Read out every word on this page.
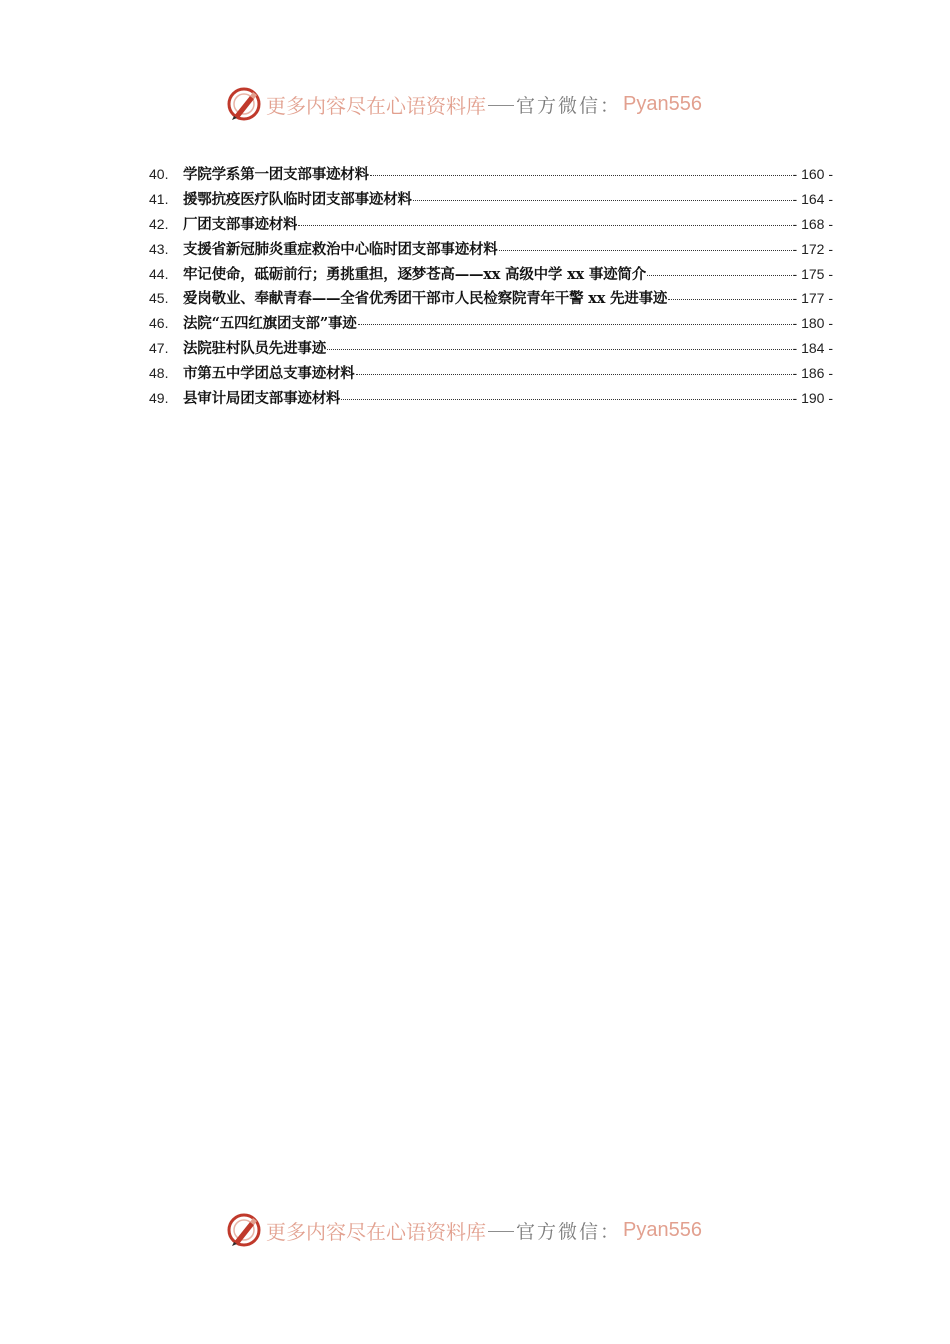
更多内容尽在心语资料库 官方微信： Pyan556
40.	学院学系第一团支部事迹材料	- 160 -
41.	援鄂抗疫医疗队临时团支部事迹材料	- 164 -
42.	厂团支部事迹材料	- 168 -
43.	支援省新冠肺炎重症救治中心临时团支部事迹材料	- 172 -
44.	牢记使命，砥砺前行；勇挑重担，逐梦苍高——xx 高级中学 xx 事迹简介	- 175 -
45.	爱岗敬业、奉献青春——全省优秀团干部市人民检察院青年干警 xx 先进事迹	- 177 -
46.	法院“五四红旗团支部”事迹	- 180 -
47.	法院驻村队员先进事迹	- 184 -
48.	市第五中学团总支事迹材料	- 186 -
49.	县审计局团支部事迹材料	- 190 -
更多内容尽在心语资料库 官方微信： Pyan556
